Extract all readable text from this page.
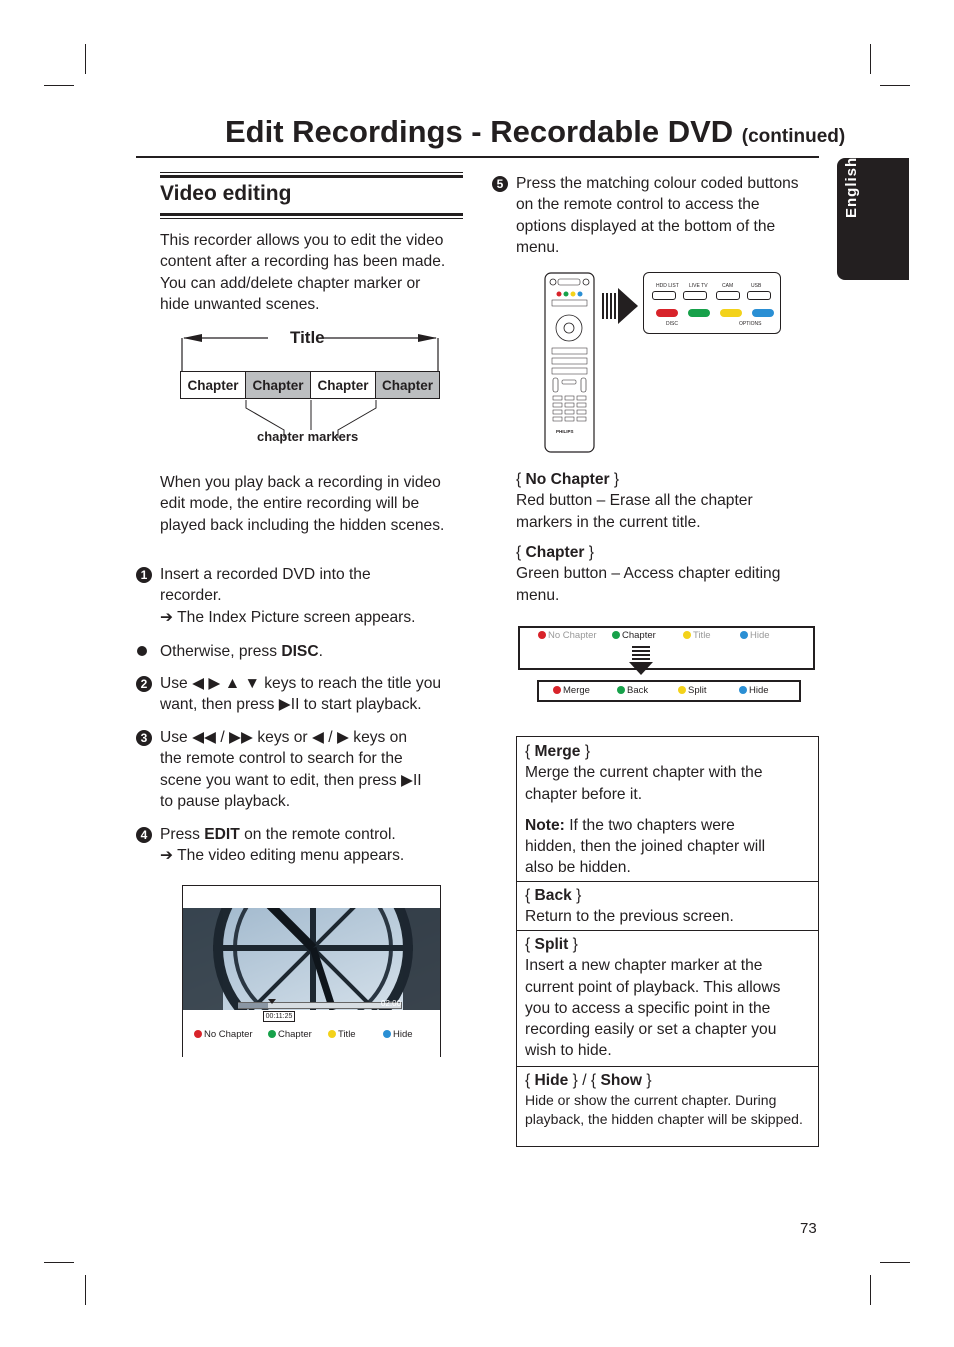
Edit Recordings - Recordable DVD (continued)
English
Video editing
This recorder allows you to edit the video
content after a recording has been made.
You can add/delete chapter marker or
hide unwanted scenes.
Title
Chapter	Chapter	Chapter Chapter
chapter markers
When you play back a recording in video
edit mode, the entire recording will be
played back including the hidden scenes.
1 Insert a recorded DVD into the
recorder.
➔ The Index Picture screen appears.
Otherwise, press DISC.
2 Use ◀ ▶ ▲ ▼ keys to reach the title you
want, then press ▶II to start playback.
3 Use ◀◀ / ▶▶ keys or ◀ / ▶ keys on
the remote control to search for the
scene you want to edit, then press ▶II
to pause playback.
4 Press EDIT on the remote control.
➔ The video editing menu appears.
02:00
00:11:25
No Chapter	Chapter	Title	Hide
5 Press the matching colour coded buttons
on the remote control to access the
options displayed at the bottom of the
menu.
PHILIPS
HDD LIST LIVE TV	CAM	USB
DISC	OPTIONS
{ No Chapter }
Red button – Erase all the chapter
markers in the current title.
{ Chapter }
Green button – Access chapter editing
menu.
No Chapter	Chapter	Title	Hide
Merge	Back	Split	Hide
{ Merge }
Merge the current chapter with the
chapter before it.
Note: If the two chapters were
hidden, then the joined chapter will
also be hidden.
{ Back }
Return to the previous screen.
{ Split }
Insert a new chapter marker at the
current point of playback. This allows
you to access a specific point in the
recording easily or set a chapter you
wish to hide.
{ Hide } / { Show }
Hide or show the current chapter. During
playback, the hidden chapter will be skipped.
73
